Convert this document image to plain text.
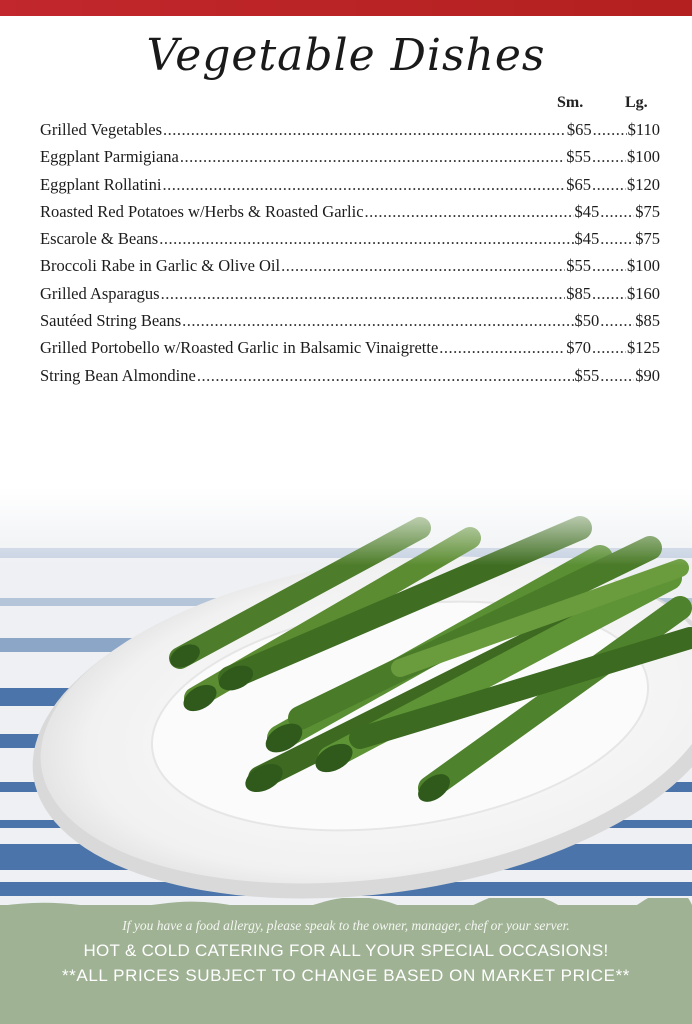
Vegetable Dishes
Sm.	Lg.
Grilled Vegetables .....	$65 ..... $110
Eggplant Parmigiana .....	$55 ..... $100
Eggplant Rollatini .....	$65 ..... $120
Roasted Red Potatoes w/Herbs & Roasted Garlic .....	$45 ..... $75
Escarole & Beans .....	$45 ..... $75
Broccoli Rabe in Garlic & Olive Oil .....	$55 ..... $100
Grilled Asparagus .....	$85 ..... $160
Sautéed String Beans .....	$50 ..... $85
Grilled Portobello w/Roasted Garlic in Balsamic Vinaigrette .....	$70 ..... $125
String Bean Almondine .....	$55 ..... $90
If you have a food allergy, please speak to the owner, manager, chef or your server.
HOT & COLD CATERING FOR ALL YOUR SPECIAL OCCASIONS!
**ALL PRICES SUBJECT TO CHANGE BASED ON MARKET PRICE**
